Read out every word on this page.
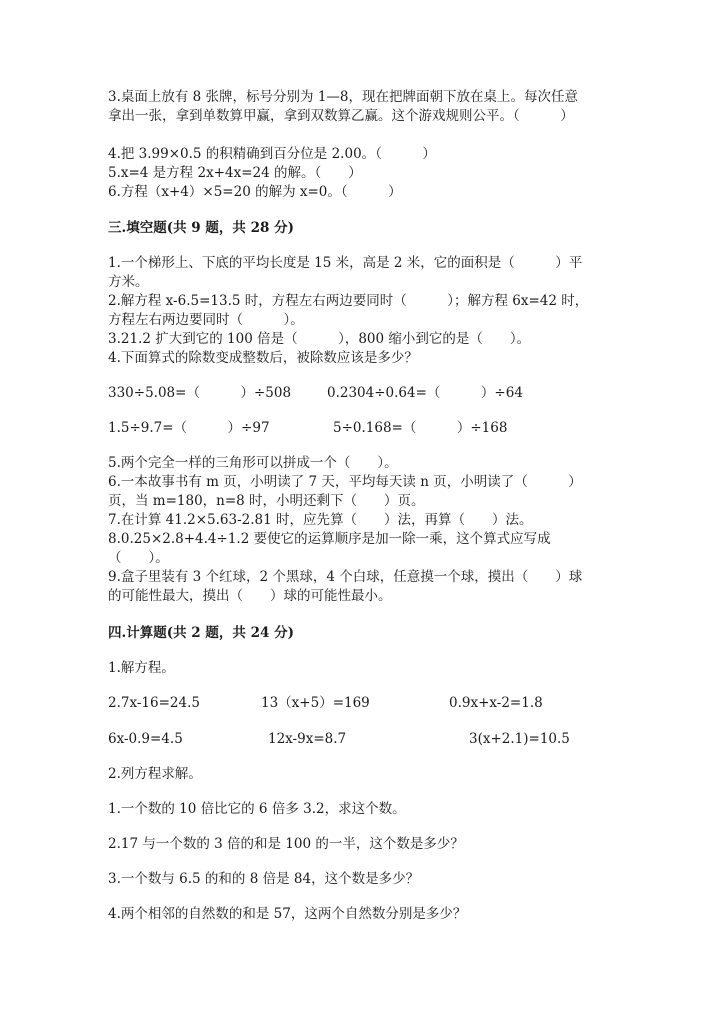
3.桌面上放有 8 张牌，标号分别为 1—8，现在把牌面朝下放在桌上。每次任意
拿出一张，拿到单数算甲赢，拿到双数算乙赢。这个游戏规则公平。（　　　）
4.把 3.99×0.5 的积精确到百分位是 2.00。（　　　）
5.x=4 是方程 2x+4x=24 的解。（　　）
6.方程（x+4）×5=20 的解为 x=0。（　　　）
三.填空题(共 9 题，共 28 分)
1.一个梯形上、下底的平均长度是 15 米，高是 2 米，它的面积是（　　　）平
方米。
2.解方程 x-6.5=13.5 时，方程左右两边要同时（　　　）；解方程 6x=42 时，
方程左右两边要同时（　　　）。
3.21.2 扩大到它的 100 倍是（　　　），800 缩小到它的是（　　）。
4.下面算式的除数变成整数后，被除数应该是多少？
330÷5.08=（　　　）÷508	0.2304÷0.64=（　　　）÷64
1.5÷9.7=（　　　）÷97	5÷0.168=（　　　）÷168
5.两个完全一样的三角形可以拼成一个（　　）。
6.一本故事书有 m 页，小明读了 7 天，平均每天读 n 页，小明读了（　　　）
页，当 m=180，n=8 时，小明还剩下（　　）页。
7.在计算 41.2×5.63-2.81 时，应先算（　　）法，再算（　　）法。
8.0.25×2.8+4.4÷1.2 要使它的运算顺序是加一除一乘，这个算式应写成
（　　）。
9.盒子里装有 3 个红球，2 个黑球，4 个白球，任意摸一个球，摸出（　　）球
的可能性最大，摸出（　　）球的可能性最小。
四.计算题(共 2 题，共 24 分)
1.解方程。
2.7x-16=24.5	13（x+5）=169	0.9x+x-2=1.8
6x-0.9=4.5	12x-9x=8.7	3(x+2.1)=10.5
2.列方程求解。
1.一个数的 10 倍比它的 6 倍多 3.2，求这个数。
2.17 与一个数的 3 倍的和是 100 的一半，这个数是多少？
3.一个数与 6.5 的和的 8 倍是 84，这个数是多少？
4.两个相邻的自然数的和是 57，这两个自然数分别是多少？
